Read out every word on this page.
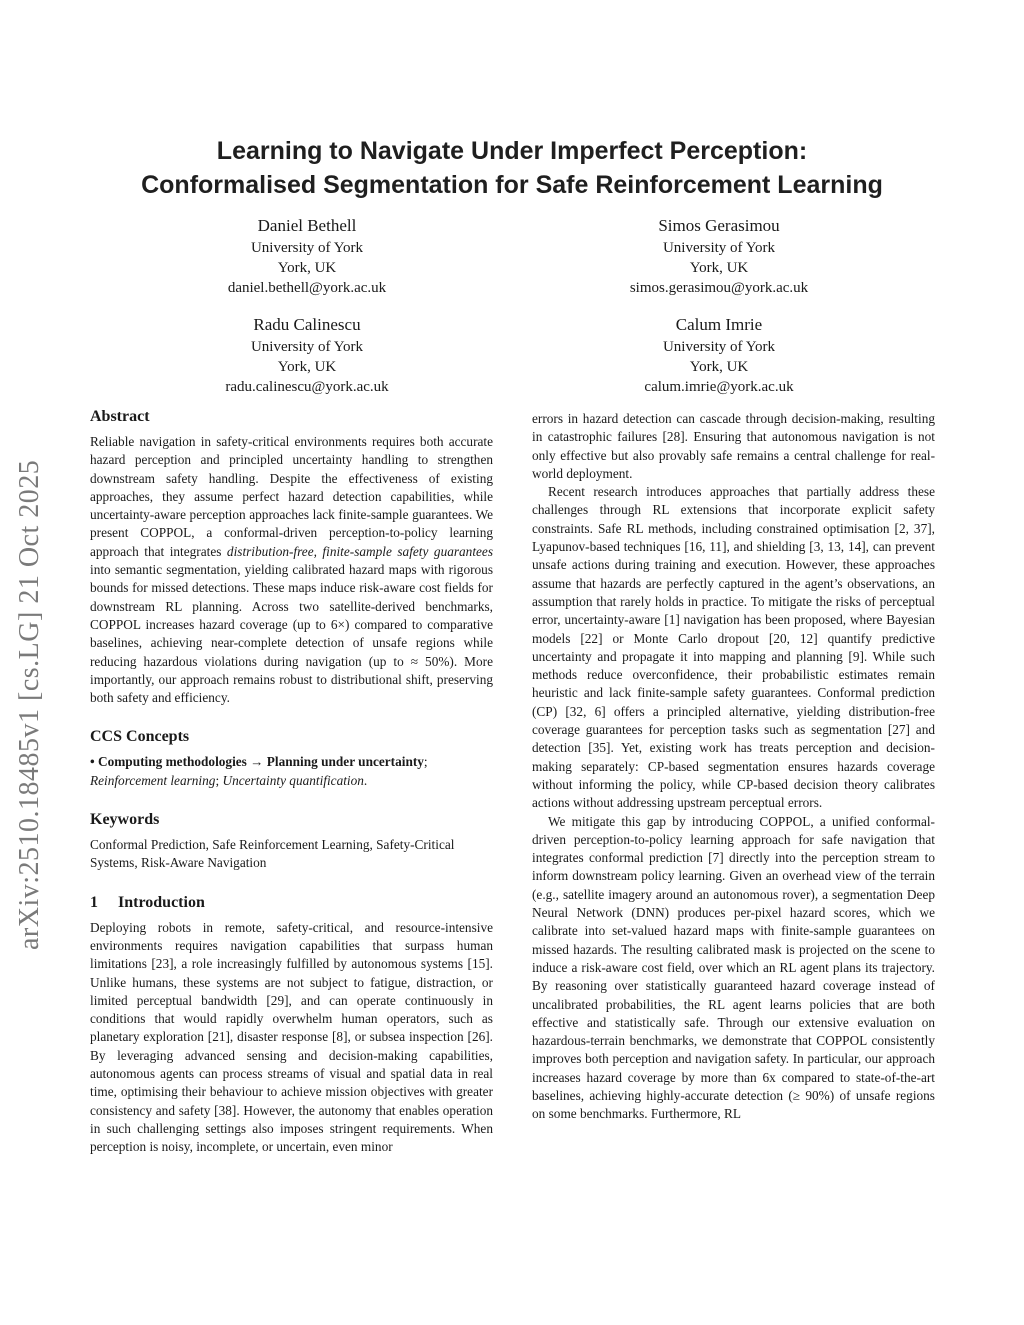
arXiv:2510.18485v1 [cs.LG] 21 Oct 2025
Learning to Navigate Under Imperfect Perception:
Conformalised Segmentation for Safe Reinforcement Learning
Daniel Bethell
University of York
York, UK
daniel.bethell@york.ac.uk
Simos Gerasimou
University of York
York, UK
simos.gerasimou@york.ac.uk
Radu Calinescu
University of York
York, UK
radu.calinescu@york.ac.uk
Calum Imrie
University of York
York, UK
calum.imrie@york.ac.uk
Abstract

Reliable navigation in safety-critical environments requires both accurate hazard perception and principled uncertainty handling to strengthen downstream safety handling. Despite the effectiveness of existing approaches, they assume perfect hazard detection capabilities, while uncertainty-aware perception approaches lack finite-sample guarantees. We present COPPOL, a conformal-driven perception-to-policy learning approach that integrates distribution-free, finite-sample safety guarantees into semantic segmentation, yielding calibrated hazard maps with rigorous bounds for missed detections. These maps induce risk-aware cost fields for downstream RL planning. Across two satellite-derived benchmarks, COPPOL increases hazard coverage (up to 6×) compared to comparative baselines, achieving near-complete detection of unsafe regions while reducing hazardous violations during navigation (up to ≈ 50%). More importantly, our approach remains robust to distributional shift, preserving both safety and efficiency.

CCS Concepts

• Computing methodologies → Planning under uncertainty;
Reinforcement learning; Uncertainty quantification.

Keywords

Conformal Prediction, Safe Reinforcement Learning, Safety-Critical Systems, Risk-Aware Navigation

1 Introduction

Deploying robots in remote, safety-critical, and resource-intensive environments requires navigation capabilities that surpass human limitations [23], a role increasingly fulfilled by autonomous systems [15]. Unlike humans, these systems are not subject to fatigue, distraction, or limited perceptual bandwidth [29], and can operate continuously in conditions that would rapidly overwhelm human operators, such as planetary exploration [21], disaster response [8], or subsea inspection [26]. By leveraging advanced sensing and decision-making capabilities, autonomous agents can process streams of visual and spatial data in real time, optimising their behaviour to achieve mission objectives with greater consistency and safety [38]. However, the autonomy that enables operation in such challenging settings also imposes stringent requirements. When perception is noisy, incomplete, or uncertain, even minor

errors in hazard detection can cascade through decision-making, resulting in catastrophic failures [28]. Ensuring that autonomous navigation is not only effective but also provably safe remains a central challenge for real-world deployment.

Recent research introduces approaches that partially address these challenges through RL extensions that incorporate explicit safety constraints. Safe RL methods, including constrained optimisation [2, 37], Lyapunov-based techniques [16, 11], and shielding [3, 13, 14], can prevent unsafe actions during training and execution. However, these approaches assume that hazards are perfectly captured in the agent’s observations, an assumption that rarely holds in practice. To mitigate the risks of perceptual error, uncertainty-aware [1] navigation has been proposed, where Bayesian models [22] or Monte Carlo dropout [20, 12] quantify predictive uncertainty and propagate it into mapping and planning [9]. While such methods reduce overconfidence, their probabilistic estimates remain heuristic and lack finite-sample safety guarantees. Conformal prediction (CP) [32, 6] offers a principled alternative, yielding distribution-free coverage guarantees for perception tasks such as segmentation [27] and detection [35]. Yet, existing work has treats perception and decision-making separately: CP-based segmentation ensures hazards coverage without informing the policy, while CP-based decision theory calibrates actions without addressing upstream perceptual errors.

We mitigate this gap by introducing COPPOL, a unified conformal-driven perception-to-policy learning approach for safe navigation that integrates conformal prediction [7] directly into the perception stream to inform downstream policy learning. Given an overhead view of the terrain (e.g., satellite imagery around an autonomous rover), a segmentation Deep Neural Network (DNN) produces per-pixel hazard scores, which we calibrate into set-valued hazard maps with finite-sample guarantees on missed hazards. The resulting calibrated mask is projected on the scene to induce a risk-aware cost field, over which an RL agent plans its trajectory. By reasoning over statistically guaranteed hazard coverage instead of uncalibrated probabilities, the RL agent learns policies that are both effective and statistically safe. Through our extensive evaluation on hazardous-terrain benchmarks, we demonstrate that COPPOL consistently improves both perception and navigation safety. In particular, our approach increases hazard coverage by more than 6x compared to state-of-the-art baselines, achieving highly-accurate detection (≥ 90%) of unsafe regions on some benchmarks. Furthermore, RL
